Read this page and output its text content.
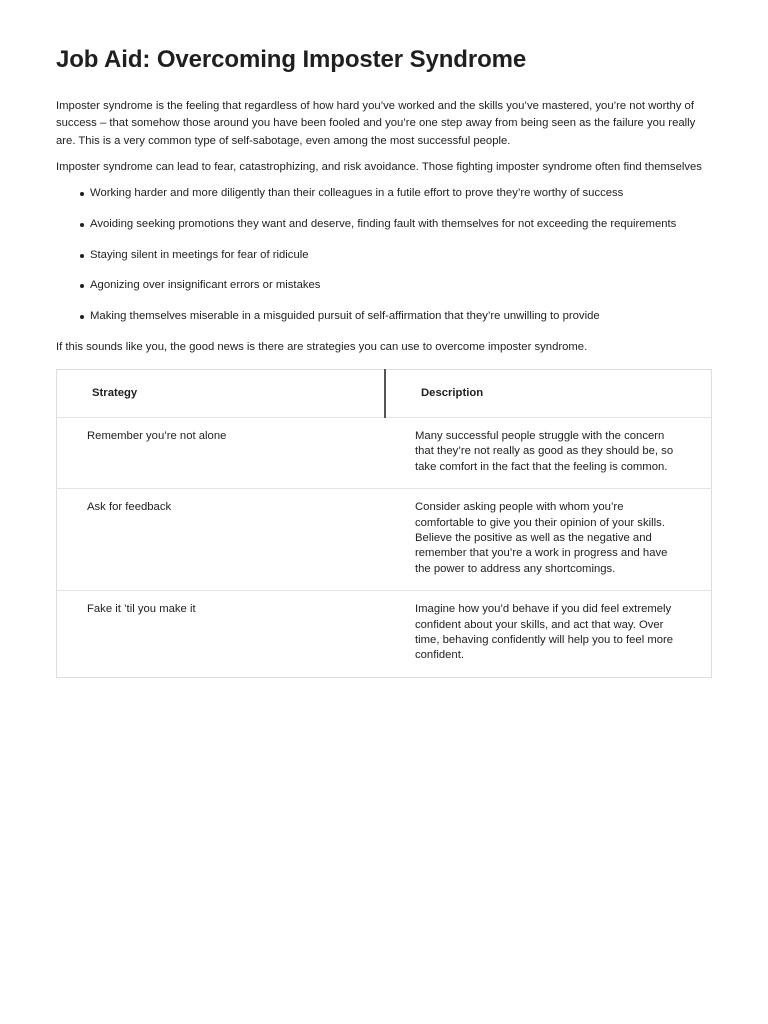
Job Aid: Overcoming Imposter Syndrome

Imposter syndrome is the feeling that regardless of how hard you’ve worked and the skills you’ve mastered, you’re not worthy of success – that somehow those around you have been fooled and you’re one step away from being seen as the failure you really are. This is a very common type of self-sabotage, even among the most successful people.

Imposter syndrome can lead to fear, catastrophizing, and risk avoidance. Those fighting imposter syndrome often find themselves

Working harder and more diligently than their colleagues in a futile effort to prove they’re worthy of success
Avoiding seeking promotions they want and deserve, finding fault with themselves for not exceeding the requirements
Staying silent in meetings for fear of ridicule
Agonizing over insignificant errors or mistakes
Making themselves miserable in a misguided pursuit of self-affirmation that they’re unwilling to provide

If this sounds like you, the good news is there are strategies you can use to overcome imposter syndrome.

Strategy	Description
Remember you’re not alone	Many successful people struggle with the concern that they’re not really as good as they should be, so take comfort in the fact that the feeling is common.
Ask for feedback	Consider asking people with whom you’re comfortable to give you their opinion of your skills. Believe the positive as well as the negative and remember that you’re a work in progress and have the power to address any shortcomings.
Fake it ’til you make it	Imagine how you’d behave if you did feel extremely confident about your skills, and act that way. Over time, behaving confidently will help you to feel more confident.
